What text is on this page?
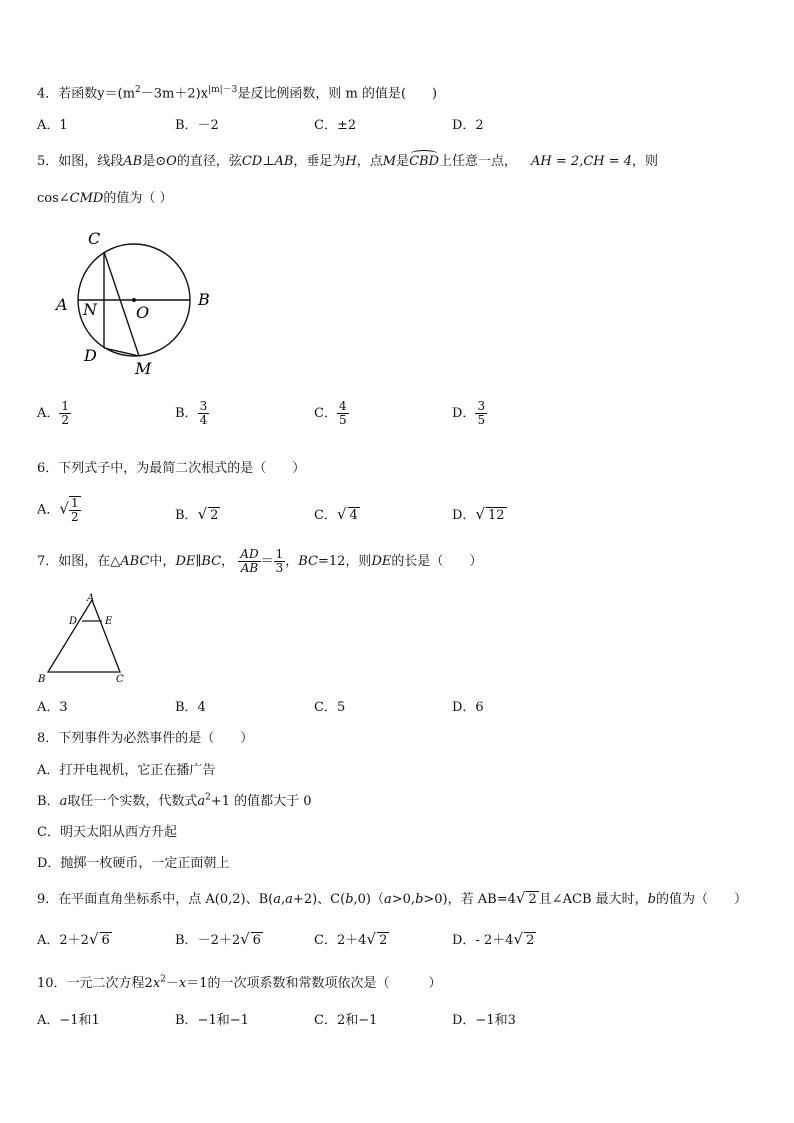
4．若函数$y=(m^2-3m+2)x^{|m|-3}$是反比例函数，则 m 的值是(　　)
A．1	B．－2	C．±2	D．2
5．如图，线段AB是⊙O的直径，弦CD⊥AB，垂足为H，点M是
CBD上任意一点， AH = 2,CH = 4，则
cos∠CMD的值为（ ）
C
A N O
B
D
M
A． $\frac{1}{2}$	B． $\frac{3}{4}$	C． $\frac{4}{5}$	D． $\frac{3}{5}$
6．下列式子中，为最简二次根式的是（　　）
A．√ $\frac{1}{2}$	B．√ 2	C．√ 4	D．√ 12
7．如图，在△ABC中，DE∥BC， $\frac{AD}{AB} = \frac{1}{3}$ ，BC=12，则DE的长是（　　）
A
D	E
B	C
A．3	B．4	C．5	D．6
8．下列事件为必然事件的是（　　）
A．打开电视机，它正在播广告
B．a取任一个实数，代数式$a^2+1$ 的值都大于 0
C．明天太阳从西方升起
D．抛掷一枚硬币，一定正面朝上
9．在平面直角坐标系中，点 A(0,2)、B(a,a+2)、C(b,0)（a>0,b>0)，若 AB=4√ 2 且∠ACB 最大时，b的值为（　　）
A．2＋2√ 6	B．－2＋2√ 6	C．2＋4√ 2	D．- 2＋4√ 2
10．一元二次方程$2x^2-x=1$的一次项系数和常数项依次是（　　　）
A．−1和1	B．−1和−1	C．2和−1	D．−1和3
